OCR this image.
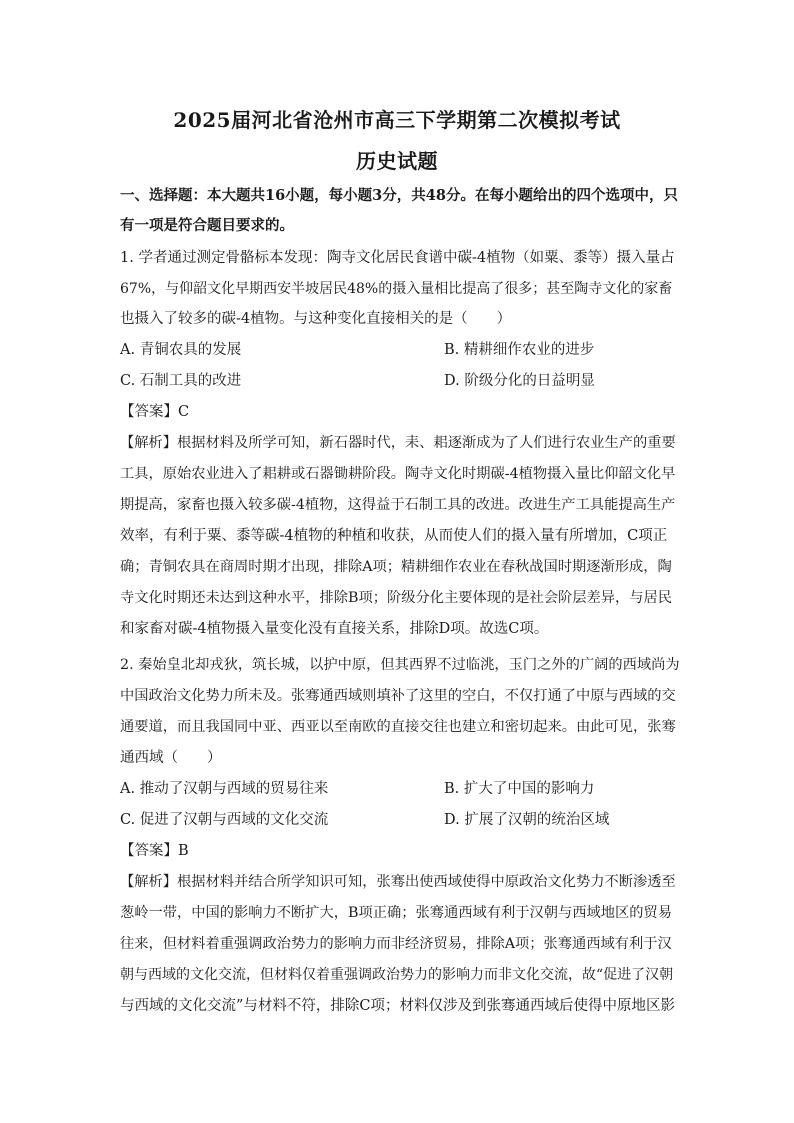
2025届河北省沧州市高三下学期第二次模拟考试
历史试题
一、选择题：本大题共16小题，每小题3分，共48分。在每小题给出的四个选项中，只
有一项是符合题目要求的。
1. 学者通过测定骨骼标本发现：陶寺文化居民食谱中碳-4植物（如粟、黍等）摄入量占
67%，与仰韶文化早期西安半坡居民48%的摄入量相比提高了很多；甚至陶寺文化的家畜
也摄入了较多的碳-4植物。与这种变化直接相关的是（　　）
A. 青铜农具的发展	B. 精耕细作农业的进步
C. 石制工具的改进	D. 阶级分化的日益明显
【答案】C
【解析】根据材料及所学可知，新石器时代，耒、耜逐渐成为了人们进行农业生产的重要
工具，原始农业进入了耜耕或石器锄耕阶段。陶寺文化时期碳-4植物摄入量比仰韶文化早
期提高，家畜也摄入较多碳-4植物，这得益于石制工具的改进。改进生产工具能提高生产
效率，有利于粟、黍等碳-4植物的种植和收获，从而使人们的摄入量有所增加，C项正
确；青铜农具在商周时期才出现，排除A项；精耕细作农业在春秋战国时期逐渐形成，陶
寺文化时期还未达到这种水平，排除B项；阶级分化主要体现的是社会阶层差异，与居民
和家畜对碳-4植物摄入量变化没有直接关系，排除D项。故选C项。
2. 秦始皇北却戎狄，筑长城，以护中原，但其西界不过临洮，玉门之外的广阔的西域尚为
中国政治文化势力所未及。张骞通西域则填补了这里的空白，不仅打通了中原与西域的交
通要道，而且我国同中亚、西亚以至南欧的直接交往也建立和密切起来。由此可见，张骞
通西域（　　）
A. 推动了汉朝与西域的贸易往来	B. 扩大了中国的影响力
C. 促进了汉朝与西域的文化交流	D. 扩展了汉朝的统治区域
【答案】B
【解析】根据材料并结合所学知识可知，张骞出使西域使得中原政治文化势力不断渗透至
葱岭一带，中国的影响力不断扩大，B项正确；张骞通西域有利于汉朝与西域地区的贸易
往来，但材料着重强调政治势力的影响力而非经济贸易，排除A项；张骞通西域有利于汉
朝与西域的文化交流，但材料仅着重强调政治势力的影响力而非文化交流，故“促进了汉朝
与西域的文化交流”与材料不符，排除C项；材料仅涉及到张骞通西域后使得中原地区影
